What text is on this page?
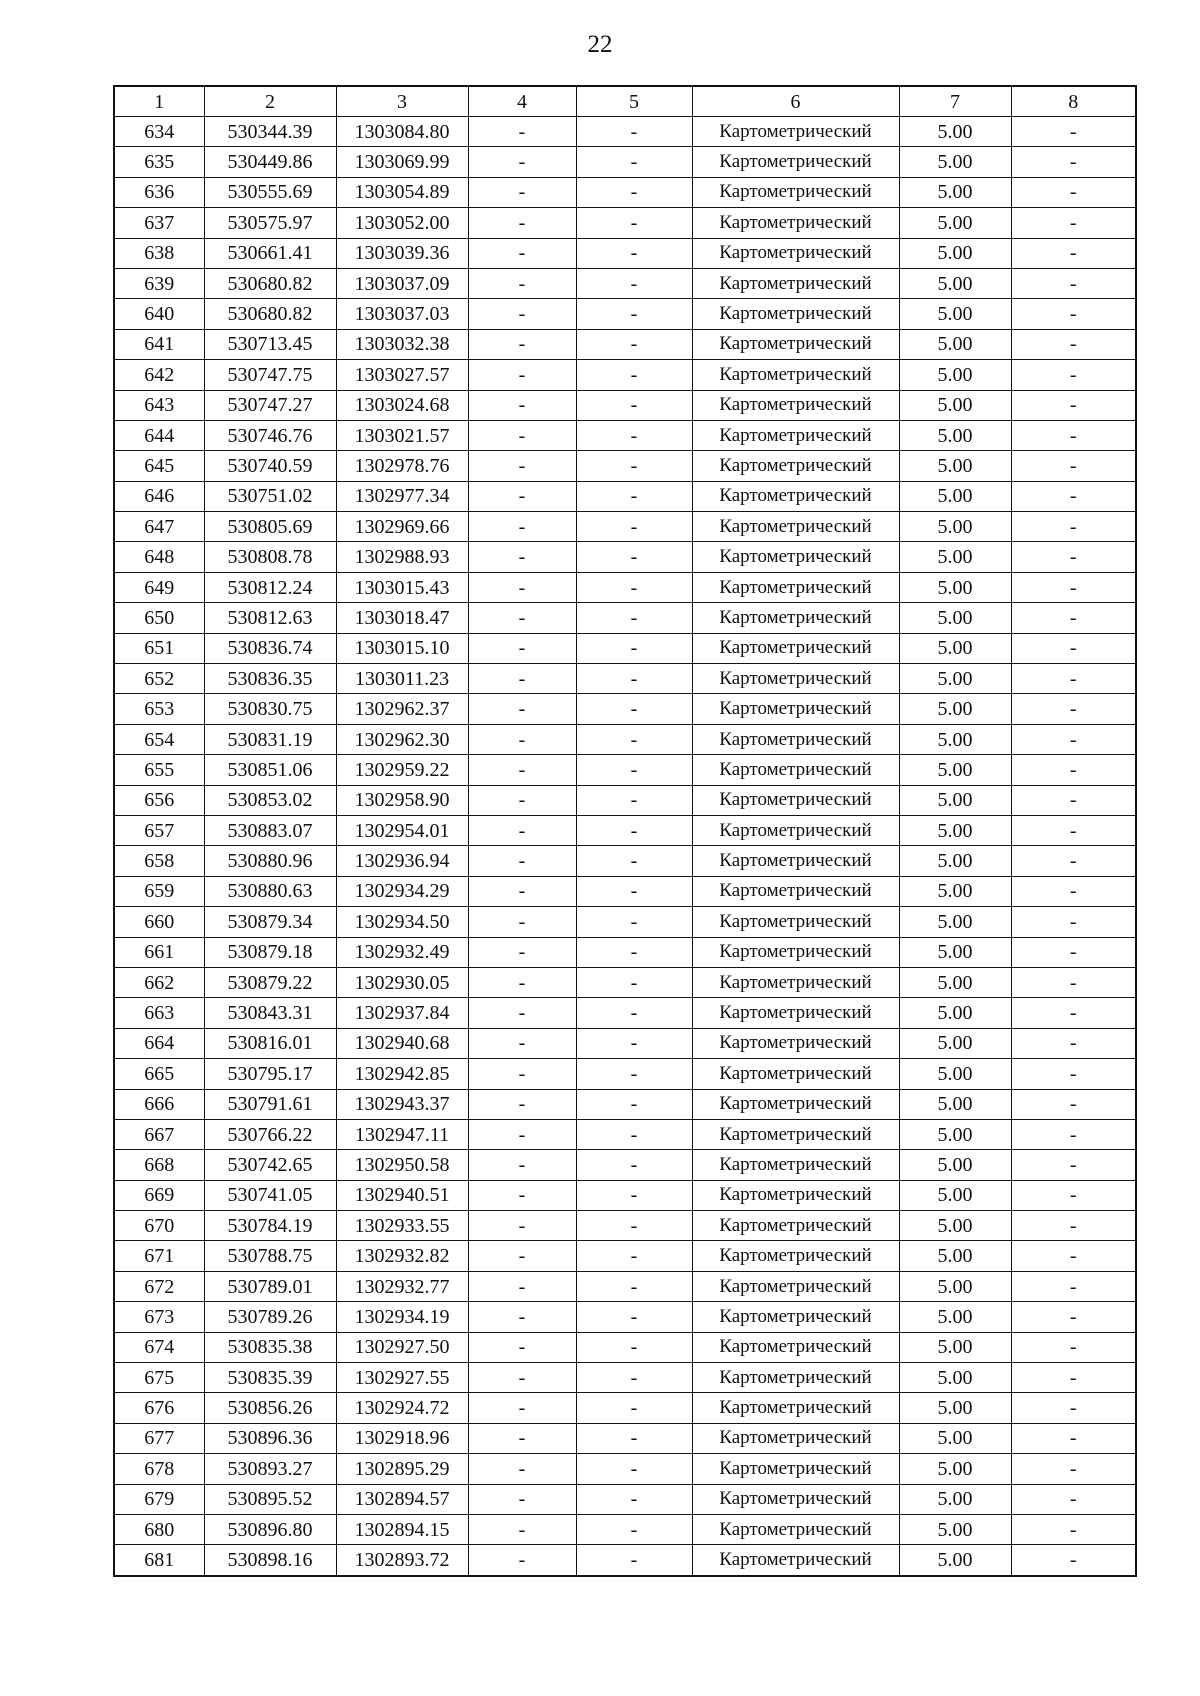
22
1	2	3	4	5	6	7	8
634	530344.39	1303084.80	-	-	Картометрический	5.00	-
635	530449.86	1303069.99	-	-	Картометрический	5.00	-
636	530555.69	1303054.89	-	-	Картометрический	5.00	-
637	530575.97	1303052.00	-	-	Картометрический	5.00	-
638	530661.41	1303039.36	-	-	Картометрический	5.00	-
639	530680.82	1303037.09	-	-	Картометрический	5.00	-
640	530680.82	1303037.03	-	-	Картометрический	5.00	-
641	530713.45	1303032.38	-	-	Картометрический	5.00	-
642	530747.75	1303027.57	-	-	Картометрический	5.00	-
643	530747.27	1303024.68	-	-	Картометрический	5.00	-
644	530746.76	1303021.57	-	-	Картометрический	5.00	-
645	530740.59	1302978.76	-	-	Картометрический	5.00	-
646	530751.02	1302977.34	-	-	Картометрический	5.00	-
647	530805.69	1302969.66	-	-	Картометрический	5.00	-
648	530808.78	1302988.93	-	-	Картометрический	5.00	-
649	530812.24	1303015.43	-	-	Картометрический	5.00	-
650	530812.63	1303018.47	-	-	Картометрический	5.00	-
651	530836.74	1303015.10	-	-	Картометрический	5.00	-
652	530836.35	1303011.23	-	-	Картометрический	5.00	-
653	530830.75	1302962.37	-	-	Картометрический	5.00	-
654	530831.19	1302962.30	-	-	Картометрический	5.00	-
655	530851.06	1302959.22	-	-	Картометрический	5.00	-
656	530853.02	1302958.90	-	-	Картометрический	5.00	-
657	530883.07	1302954.01	-	-	Картометрический	5.00	-
658	530880.96	1302936.94	-	-	Картометрический	5.00	-
659	530880.63	1302934.29	-	-	Картометрический	5.00	-
660	530879.34	1302934.50	-	-	Картометрический	5.00	-
661	530879.18	1302932.49	-	-	Картометрический	5.00	-
662	530879.22	1302930.05	-	-	Картометрический	5.00	-
663	530843.31	1302937.84	-	-	Картометрический	5.00	-
664	530816.01	1302940.68	-	-	Картометрический	5.00	-
665	530795.17	1302942.85	-	-	Картометрический	5.00	-
666	530791.61	1302943.37	-	-	Картометрический	5.00	-
667	530766.22	1302947.11	-	-	Картометрический	5.00	-
668	530742.65	1302950.58	-	-	Картометрический	5.00	-
669	530741.05	1302940.51	-	-	Картометрический	5.00	-
670	530784.19	1302933.55	-	-	Картометрический	5.00	-
671	530788.75	1302932.82	-	-	Картометрический	5.00	-
672	530789.01	1302932.77	-	-	Картометрический	5.00	-
673	530789.26	1302934.19	-	-	Картометрический	5.00	-
674	530835.38	1302927.50	-	-	Картометрический	5.00	-
675	530835.39	1302927.55	-	-	Картометрический	5.00	-
676	530856.26	1302924.72	-	-	Картометрический	5.00	-
677	530896.36	1302918.96	-	-	Картометрический	5.00	-
678	530893.27	1302895.29	-	-	Картометрический	5.00	-
679	530895.52	1302894.57	-	-	Картометрический	5.00	-
680	530896.80	1302894.15	-	-	Картометрический	5.00	-
681	530898.16	1302893.72	-	-	Картометрический	5.00	-
